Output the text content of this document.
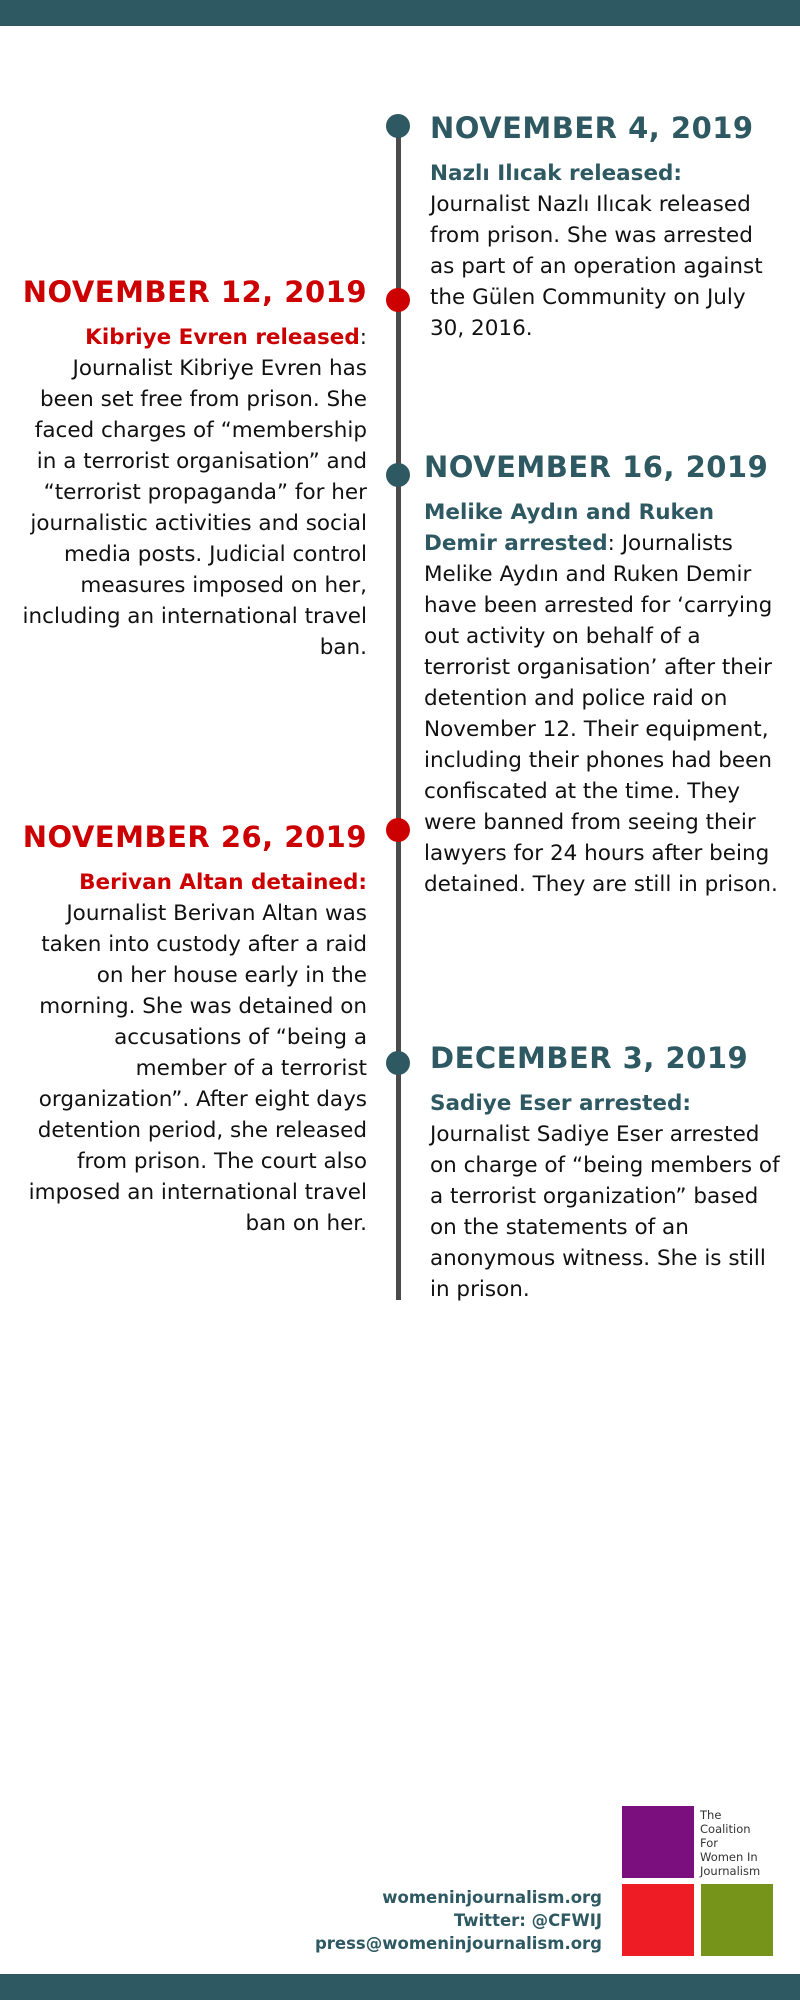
NOVEMBER 4, 2019
Nazlı Ilıcak released: Journalist Nazlı Ilıcak released from prison. She was arrested as part of an operation against the Gülen Community on July 30, 2016.
NOVEMBER 12, 2019
Kibriye Evren released: Journalist Kibriye Evren has been set free from prison. She faced charges of “membership in a terrorist organisation” and “terrorist propaganda” for her journalistic activities and social media posts. Judicial control measures imposed on her, including an international travel ban.
NOVEMBER 16, 2019
Melike Aydın and Ruken Demir arrested: Journalists Melike Aydın and Ruken Demir have been arrested for ‘carrying out activity on behalf of a terrorist organisation’ after their detention and police raid on November 12. Their equipment, including their phones had been confiscated at the time. They were banned from seeing their lawyers for 24 hours after being detained. They are still in prison.
NOVEMBER 26, 2019
Berivan Altan detained: Journalist Berivan Altan was taken into custody after a raid on her house early in the morning. She was detained on accusations of “being a member of a terrorist organization”. After eight days detention period, she released from prison. The court also imposed an international travel ban on her.
DECEMBER 3, 2019
Sadiye Eser arrested: Journalist Sadiye Eser arrested on charge of “being members of a terrorist organization” based on the statements of an anonymous witness. She is still in prison.
womeninjournalism.org
Twitter: @CFWIJ
press@womeninjournalism.org
The
Coalition
For
Women In
Journalism
